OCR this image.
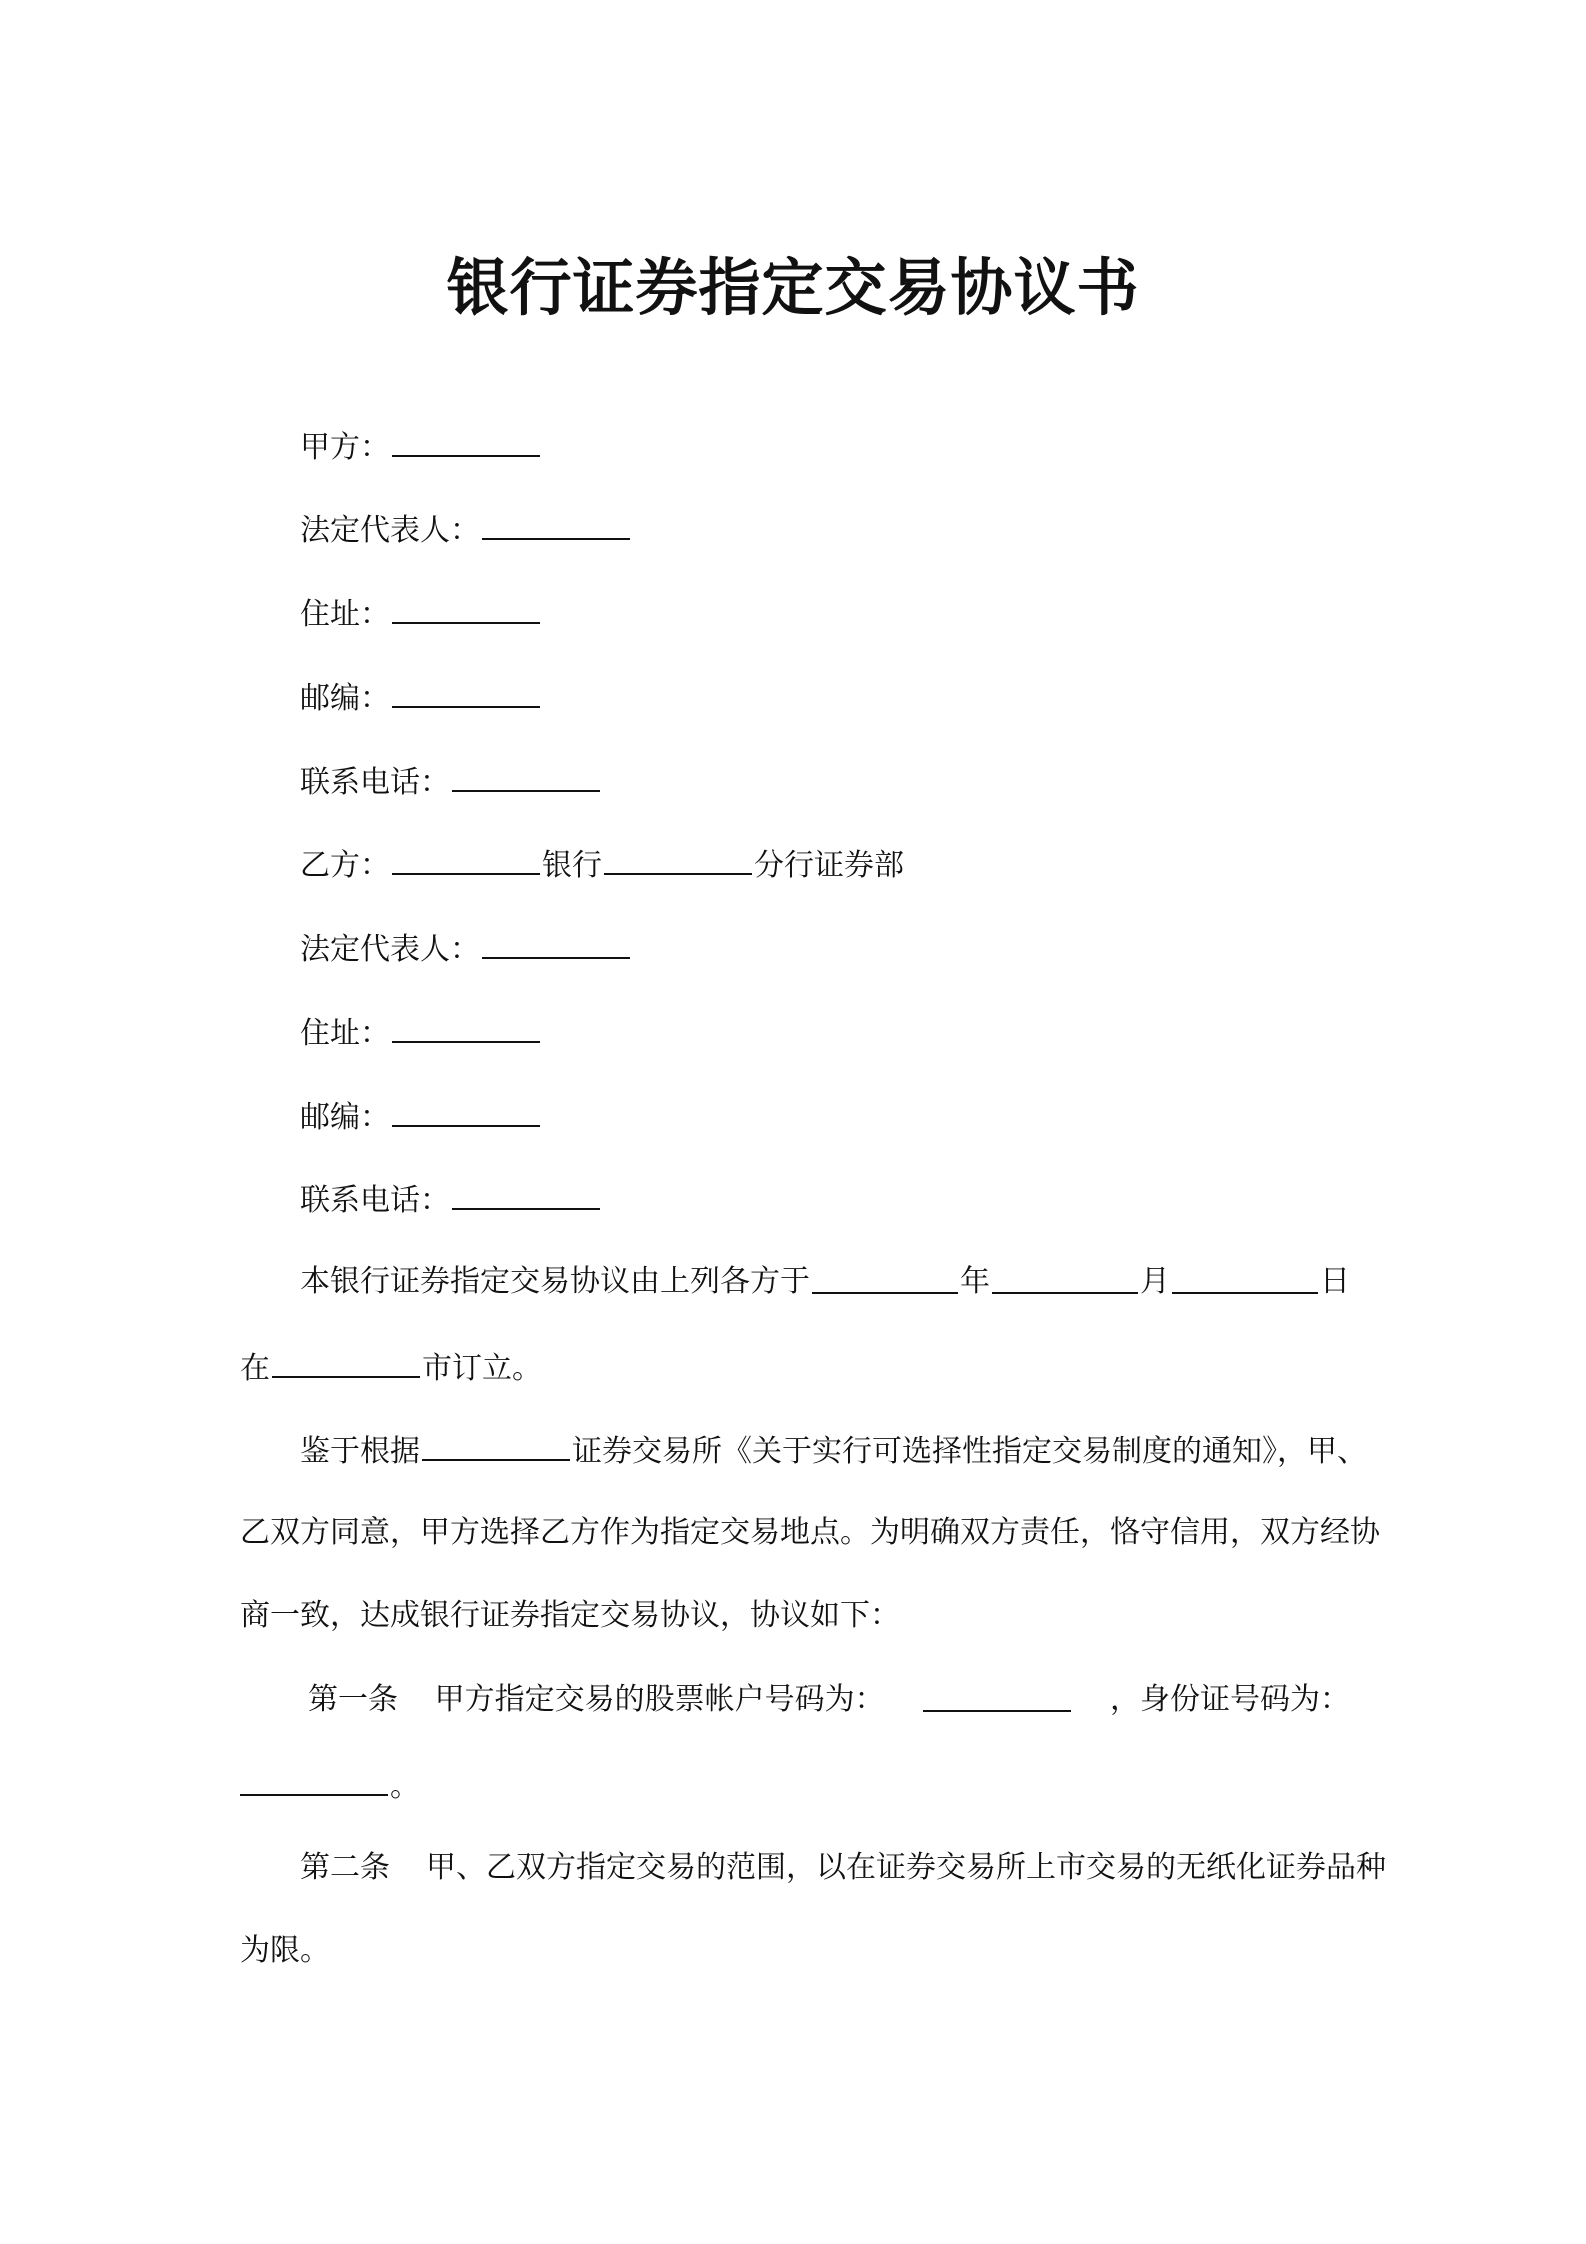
银行证券指定交易协议书
甲方：
法定代表人：
住址：
邮编：
联系电话：
乙方：	银行	分行证券部
法定代表人：
住址：
邮编：
联系电话：
本银行证券指定交易协议由上列各方于	年	月	日
在	市订立。
鉴于根据	证券交易所《关于实行可选择性指定交易制度的通知》，甲、
乙双方同意，甲方选择乙方作为指定交易地点。为明确双方责任，恪守信用，双方经协
商一致，达成银行证券指定交易协议，协议如下：
第一条 甲方指定交易的股票帐户号码为：	，身份证号码为：
。
第二条 甲、乙双方指定交易的范围，以在证券交易所上市交易的无纸化证券品种
为限。
